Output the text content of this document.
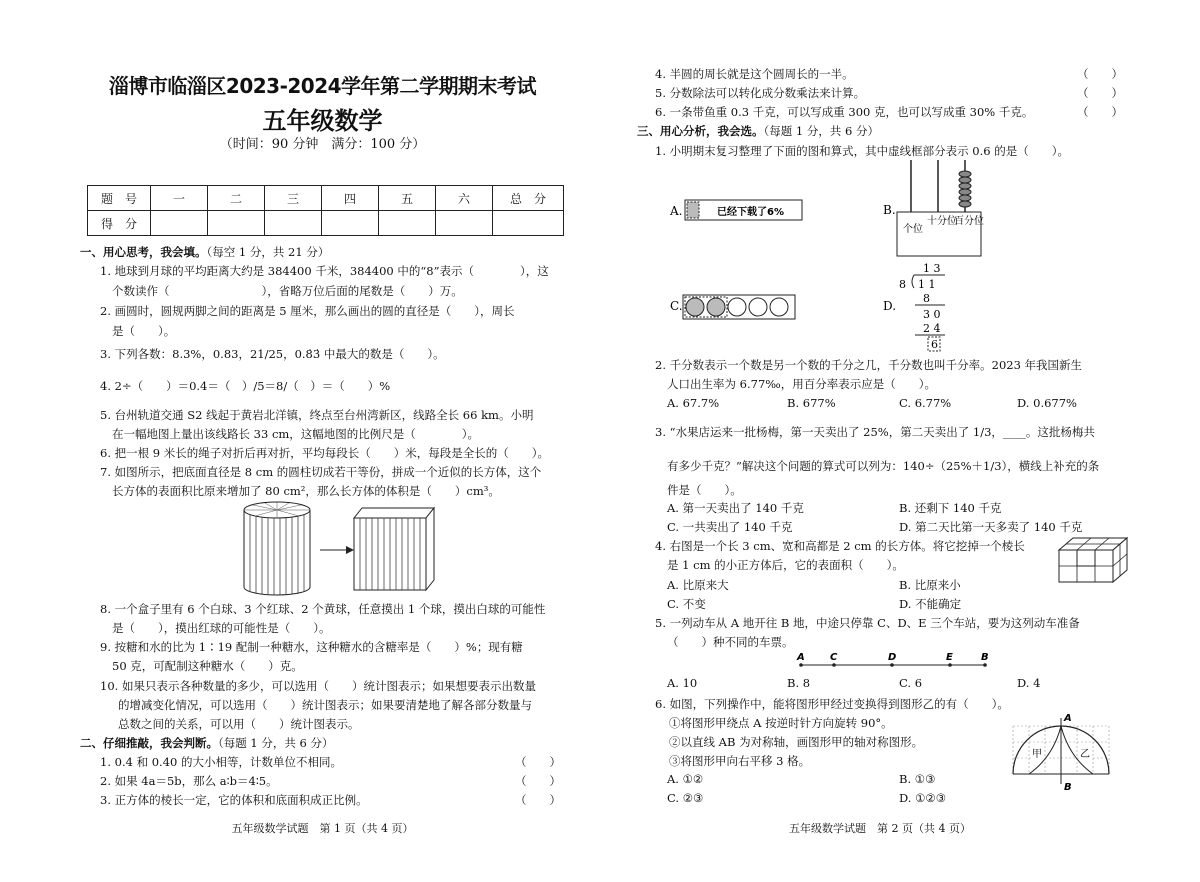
淄博市临淄区2023-2024学年第二学期期末考试
五年级数学
（时间：90 分钟　满分：100 分）
题　号	一	二	三	四	五	六	总　分
得　分							
一、用心思考，我会填。（每空 1 分，共 21 分）
1. 地球到月球的平均距离大约是 384400 千米，384400 中的“8”表示（　　　　），这
个数读作（　　　　　　　　），省略万位后面的尾数是（　　）万。
2. 画圆时，圆规两脚之间的距离是 5 厘米，那么画出的圆的直径是（　　），周长
是（　　）。
3. 下列各数：8.3%，0.83，21/25，0.8̇3̇ 中最大的数是（　　）。
4. 2÷（　　）＝0.4＝（　）/5＝8/（　）＝（　　）%
5. 台州轨道交通 S2 线起于黄岩北洋镇，终点至台州湾新区，线路全长 66 km。小明
在一幅地图上量出该线路长 33 cm，这幅地图的比例尺是（　　　　）。
6. 把一根 9 米长的绳子对折后再对折，平均每段长（　　）米，每段是全长的（　　）。
7. 如图所示，把底面直径是 8 cm 的圆柱切成若干等份，拼成一个近似的长方体，这个
长方体的表面积比原来增加了 80 cm²，那么长方体的体积是（　　）cm³。
8. 一个盒子里有 6 个白球、3 个红球、2 个黄球，任意摸出 1 个球，摸出白球的可能性
是（　　），摸出红球的可能性是（　　）。
9. 按糖和水的比为 1∶19 配制一种糖水，这种糖水的含糖率是（　　）%；现有糖
50 克，可配制这种糖水（　　）克。
10. 如果只表示各种数量的多少，可以选用（　　）统计图表示；如果想要表示出数量
的增减变化情况，可以选用（　　）统计图表示；如果要清楚地了解各部分数量与
总数之间的关系，可以用（　　）统计图表示。
二、仔细推敲，我会判断。（每题 1 分，共 6 分）
1. 0.4 和 0.40 的大小相等，计数单位不相同。	（　　）
2. 如果 4a＝5b，那么 a∶b＝4∶5。	（　　）
3. 正方体的棱长一定，它的体积和底面积成正比例。	（　　）
五年级数学试题　第 1 页（共 4 页）
4. 半圆的周长就是这个圆周长的一半。	（　　）
5. 分数除法可以转化成分数乘法来计算。	（　　）
6. 一条带鱼重 0.3 千克，可以写成重 300 克，也可以写成重 30% 千克。	（　　）
三、用心分析，我会选。（每题 1 分，共 6 分）
1. 小明期末复习整理了下面的图和算式，其中虚线框部分表示 0.6 的是（　　）。
A.	已经下载了6%	B.
个位
十分位
百分位
C.	D.
1 3
8 1 1
8
3 0
2 4
6
2. 千分数表示一个数是另一个数的千分之几，千分数也叫千分率。2023 年我国新生
人口出生率为 6.77‰，用百分率表示应是（　　）。
A. 67.7%	B. 677%	C. 6.77%	D. 0.677%
3. “水果店运来一批杨梅，第一天卖出了 25%，第二天卖出了 1/3，____。这批杨梅共
有多少千克？”解决这个问题的算式可以列为：140÷（25%＋1/3），横线上补充的条
件是（　　）。
A. 第一天卖出了 140 千克	B. 还剩下 140 千克
C. 一共卖出了 140 千克	D. 第二天比第一天多卖了 140 千克
4. 右图是一个长 3 cm、宽和高都是 2 cm 的长方体。将它挖掉一个棱长
是 1 cm 的小正方体后，它的表面积（　　）。
A. 比原来大	B. 比原来小
C. 不变	D. 不能确定
5. 一列动车从 A 地开往 B 地，中途只停靠 C、D、E 三个车站，要为这列动车准备
（　　）种不同的车票。
A	C	D	E	B
A. 10	B. 8	C. 6	D. 4
6. 如图，下列操作中，能将图形甲经过变换得到图形乙的有（　　）。
①将图形甲绕点 A 按逆时针方向旋转 90°。
②以直线 AB 为对称轴，画图形甲的轴对称图形。
③将图形甲向右平移 3 格。
A. ①②	B. ①③
C. ②③	D. ①②③
A
B
甲	乙
五年级数学试题　第 2 页（共 4 页）
